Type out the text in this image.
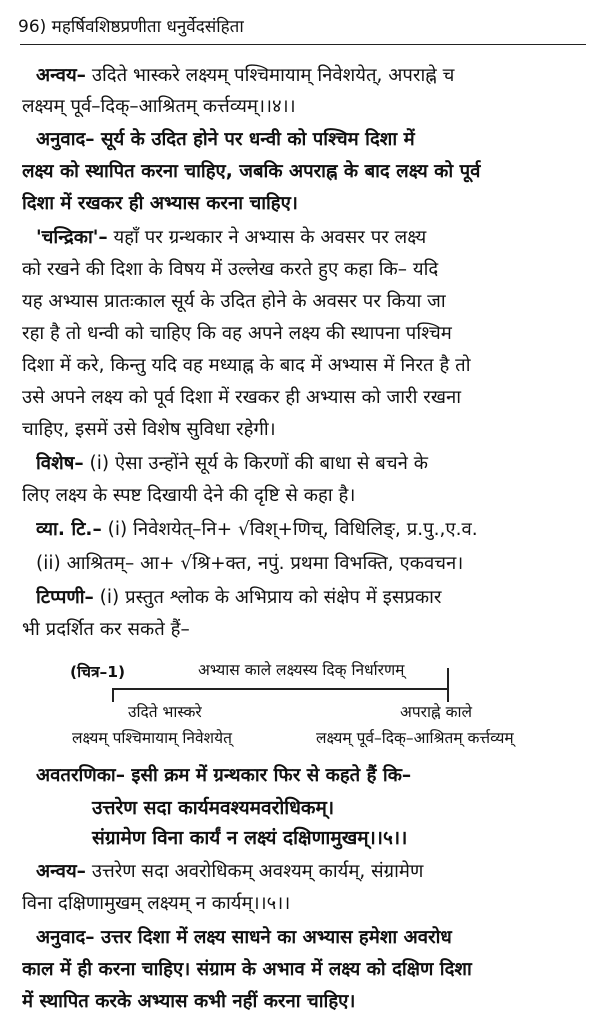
96) महर्षिवशिष्ठप्रणीता धनुर्वेदसंहिता
अन्वय– उदिते भास्करे लक्ष्यम् पश्चिमायाम् निवेशयेत्, अपराह्ने च
लक्ष्यम् पूर्व–दिक्–आश्रितम् कर्त्तव्यम्।।४।।
अनुवाद– सूर्य के उदित होने पर धन्वी को पश्चिम दिशा में
लक्ष्य को स्थापित करना चाहिए, जबकि अपराह्न के बाद लक्ष्य को पूर्व
दिशा में रखकर ही अभ्यास करना चाहिए।
'चन्द्रिका'– यहाँ पर ग्रन्थकार ने अभ्यास के अवसर पर लक्ष्य
को रखने की दिशा के विषय में उल्लेख करते हुए कहा कि– यदि
यह अभ्यास प्रातःकाल सूर्य के उदित होने के अवसर पर किया जा
रहा है तो धन्वी को चाहिए कि वह अपने लक्ष्य की स्थापना पश्चिम
दिशा में करे, किन्तु यदि वह मध्याह्न के बाद में अभ्यास में निरत है तो
उसे अपने लक्ष्य को पूर्व दिशा में रखकर ही अभ्यास को जारी रखना
चाहिए, इसमें उसे विशेष सुविधा रहेगी।
विशेष– (i) ऐसा उन्होंने सूर्य के किरणों की बाधा से बचने के
लिए लक्ष्य के स्पष्ट दिखायी देने की दृष्टि से कहा है।
व्या. टि.– (i) निवेशयेत्–नि+ √विश्+णिच्, विधिलिङ्, प्र.पु.,ए.व.
(ii) आश्रितम्– आ+ √श्रि+क्त, नपुं. प्रथमा विभक्ति, एकवचन।
टिप्पणी– (i) प्रस्तुत श्लोक के अभिप्राय को संक्षेप में इसप्रकार
भी प्रदर्शित कर सकते हैं–
(चित्र–1)	अभ्यास काले लक्ष्यस्य दिक् निर्धारणम्
उदिते भास्करे
लक्ष्यम् पश्चिमायाम् निवेशयेत्
अपराह्ने काले
लक्ष्यम् पूर्व–दिक्–आश्रितम् कर्त्तव्यम्
अवतरणिका– इसी क्रम में ग्रन्थकार फिर से कहते हैं कि–
उत्तरेण सदा कार्यमवश्यमवरोधिकम्।
संग्रामेण विना कार्यं न लक्ष्यं दक्षिणामुखम्।।५।।
अन्वय– उत्तरेण सदा अवरोधिकम् अवश्यम् कार्यम्, संग्रामेण
विना दक्षिणामुखम् लक्ष्यम् न कार्यम्।।५।।
अनुवाद– उत्तर दिशा में लक्ष्य साधने का अभ्यास हमेशा अवरोध
काल में ही करना चाहिए। संग्राम के अभाव में लक्ष्य को दक्षिण दिशा
में स्थापित करके अभ्यास कभी नहीं करना चाहिए।
